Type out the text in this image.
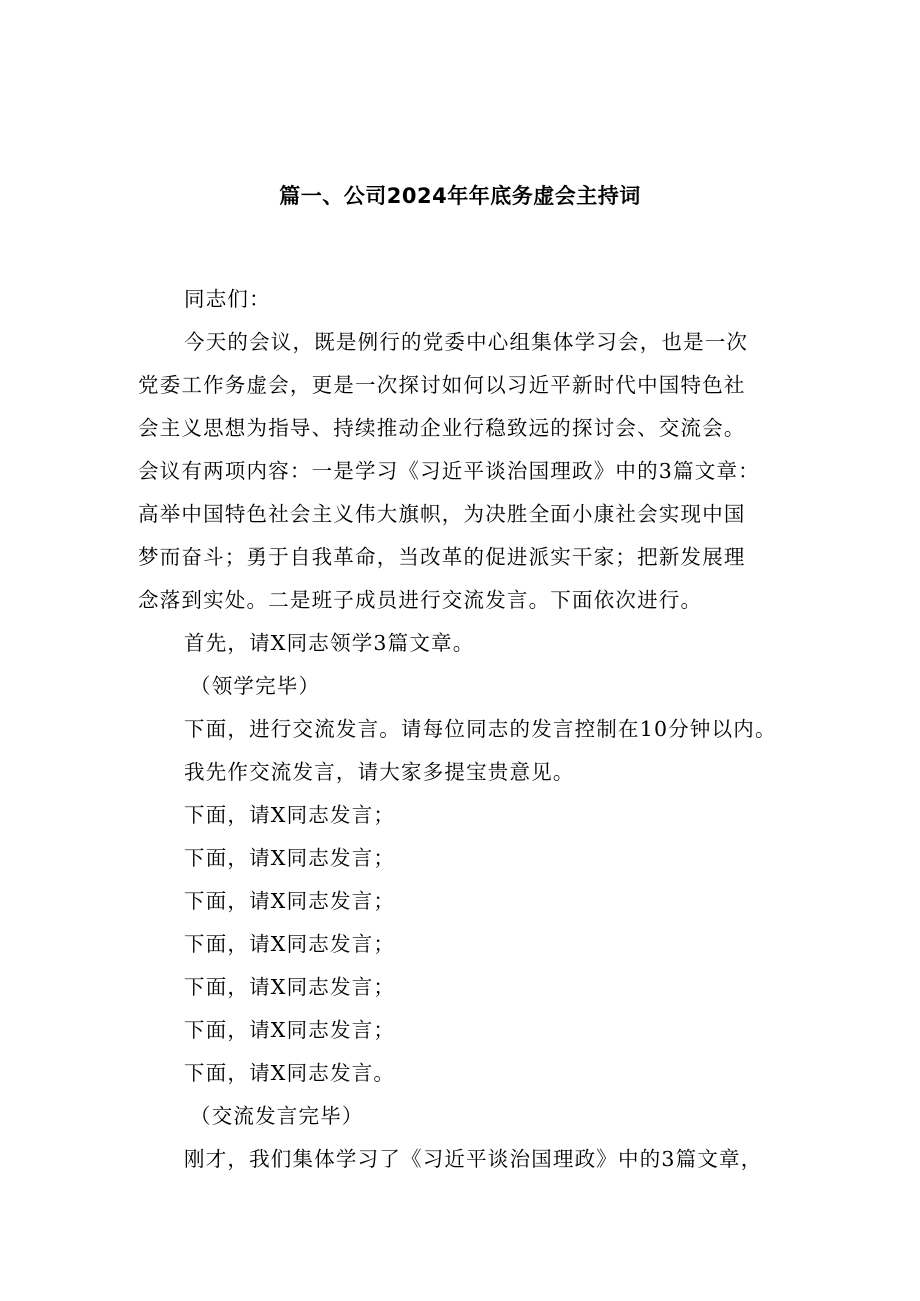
篇一、公司2024年年底务虚会主持词
同志们：
今天的会议，既是例行的党委中心组集体学习会，也是一次
党委工作务虚会，更是一次探讨如何以习近平新时代中国特色社
会主义思想为指导、持续推动企业行稳致远的探讨会、交流会。
会议有两项内容：一是学习《习近平谈治国理政》中的3篇文章：
高举中国特色社会主义伟大旗帜，为决胜全面小康社会实现中国
梦而奋斗；勇于自我革命，当改革的促进派实干家；把新发展理
念落到实处。二是班子成员进行交流发言。下面依次进行。
首先，请X同志领学3篇文章。
（领学完毕）
下面，进行交流发言。请每位同志的发言控制在10分钟以内。
我先作交流发言，请大家多提宝贵意见。
下面，请X同志发言；
下面，请X同志发言；
下面，请X同志发言；
下面，请X同志发言；
下面，请X同志发言；
下面，请X同志发言；
下面，请X同志发言。
（交流发言完毕）
刚才，我们集体学习了《习近平谈治国理政》中的3篇文章，
